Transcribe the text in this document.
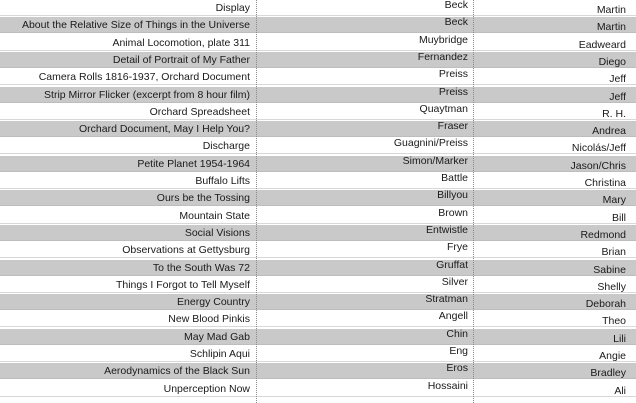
Display	Beck	Martin
About the Relative Size of Things in the Universe	Beck	Martin
Animal Locomotion, plate 311	Muybridge	Eadweard
Detail of Portrait of My Father	Fernandez	Diego
Camera Rolls 1816-1937, Orchard Document	Preiss	Jeff
Strip Mirror Flicker (excerpt from 8 hour film)	Preiss	Jeff
Orchard Spreadsheet	Quaytman	R. H.
Orchard Document, May I Help You?	Fraser	Andrea
Discharge	Guagnini/Preiss	Nicolás/Jeff
Petite Planet 1954-1964	Simon/Marker	Jason/Chris
Buffalo Lifts	Battle	Christina
Ours be the Tossing	Billyou	Mary
Mountain State	Brown	Bill
Social Visions	Entwistle	Redmond
Observations at Gettysburg	Frye	Brian
To the South Was 72	Gruffat	Sabine
Things I Forgot to Tell Myself	Silver	Shelly
Energy Country	Stratman	Deborah
New Blood Pinkis	Angell	Theo
May Mad Gab	Chin	Lili
Schlipin Aqui	Eng	Angie
Aerodynamics of the Black Sun	Eros	Bradley
Unperception Now	Hossaini	Ali
